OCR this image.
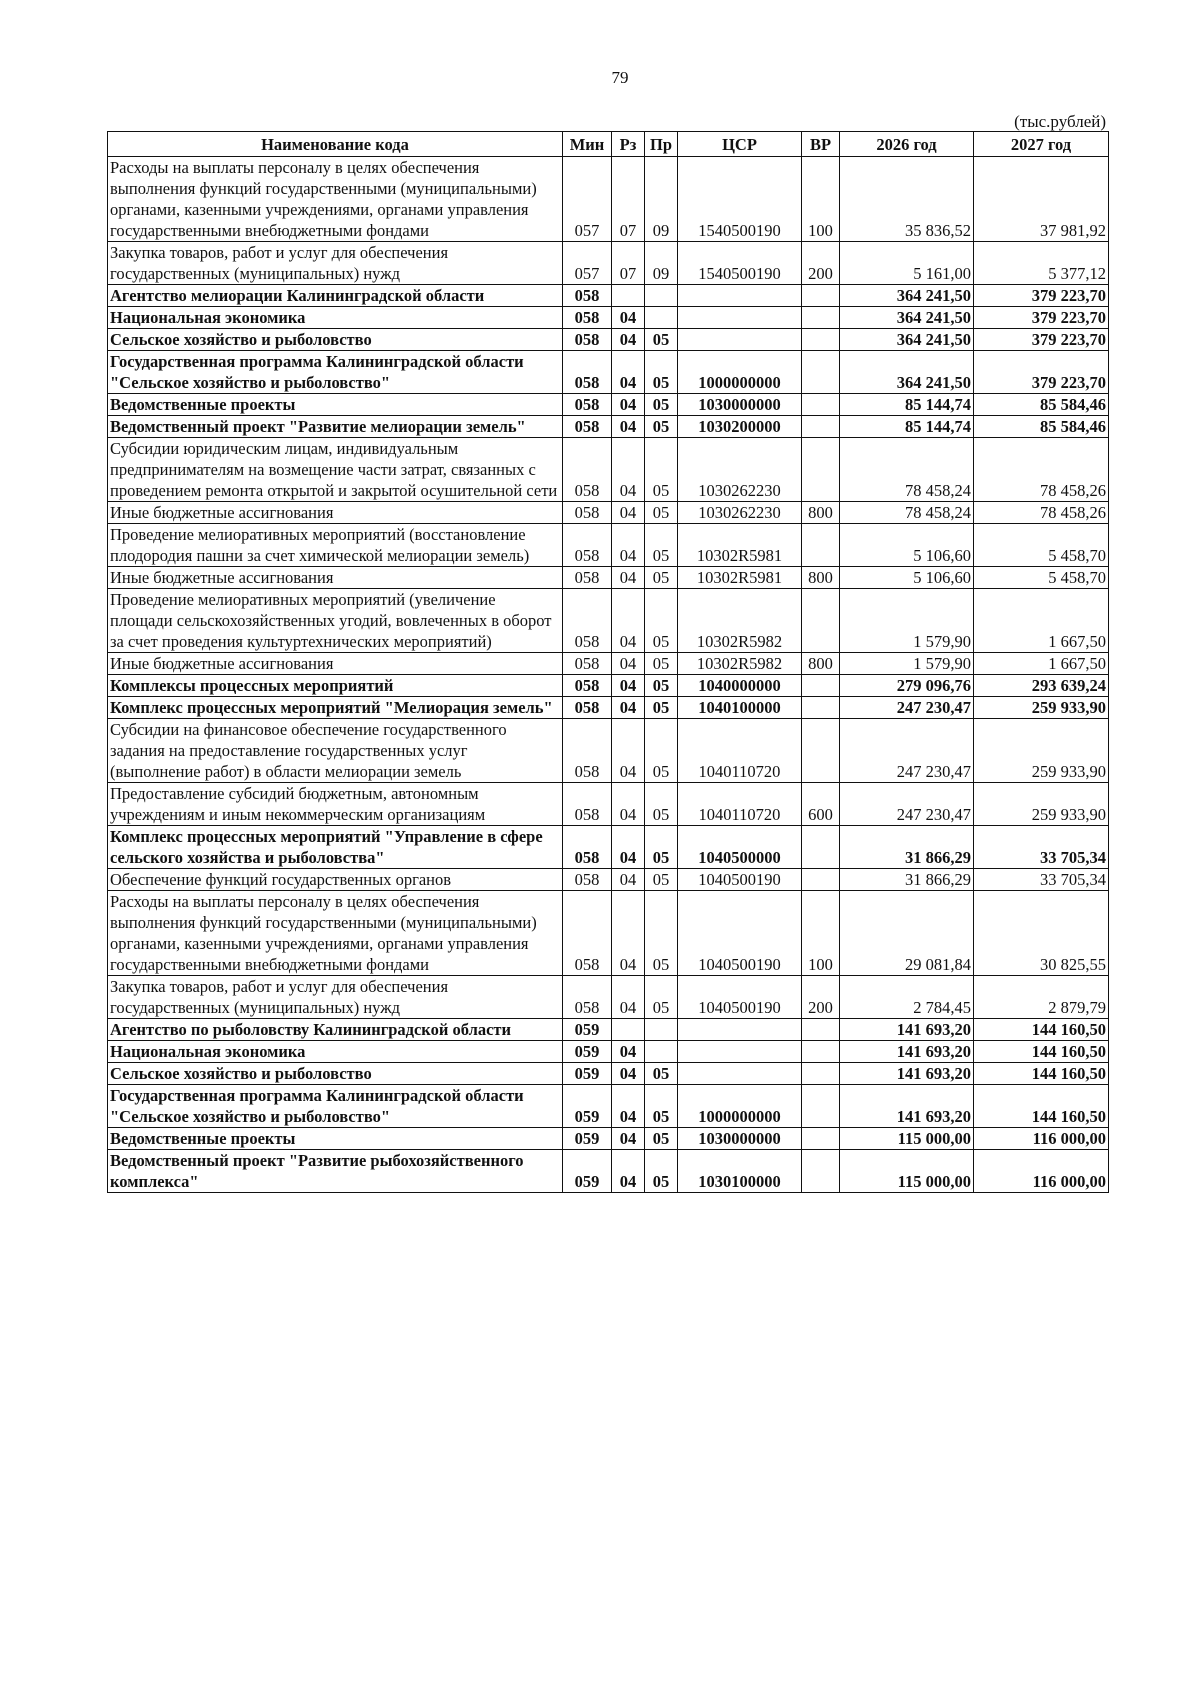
79
(тыс.рублей)
Наименование кода	Мин	Рз	Пр	ЦСР	ВР	2026 год	2027 год
Расходы на выплаты персоналу в целях обеспечения выполнения функций государственными (муниципальными) органами, казенными учреждениями, органами управления государственными внебюджетными фондами	057	07	09	1540500190	100	35 836,52	37 981,92
Закупка товаров, работ и услуг для обеспечения государственных (муниципальных) нужд	057	07	09	1540500190	200	5 161,00	5 377,12
Агентство мелиорации Калининградской области	058					364 241,50	379 223,70
Национальная экономика	058	04				364 241,50	379 223,70
Сельское хозяйство и рыболовство	058	04	05			364 241,50	379 223,70
Государственная программа Калининградской области "Сельское хозяйство и рыболовство"	058	04	05	1000000000		364 241,50	379 223,70
Ведомственные проекты	058	04	05	1030000000		85 144,74	85 584,46
Ведомственный проект "Развитие мелиорации земель"	058	04	05	1030200000		85 144,74	85 584,46
Субсидии юридическим лицам, индивидуальным предпринимателям на возмещение части затрат, связанных с проведением ремонта открытой и закрытой осушительной сети	058	04	05	1030262230		78 458,24	78 458,26
Иные бюджетные ассигнования	058	04	05	1030262230	800	78 458,24	78 458,26
Проведение мелиоративных мероприятий (восстановление плодородия пашни за счет химической мелиорации земель)	058	04	05	10302R5981		5 106,60	5 458,70
Иные бюджетные ассигнования	058	04	05	10302R5981	800	5 106,60	5 458,70
Проведение мелиоративных мероприятий (увеличение площади сельскохозяйственных угодий, вовлеченных в оборот за счет проведения культуртехнических мероприятий)	058	04	05	10302R5982		1 579,90	1 667,50
Иные бюджетные ассигнования	058	04	05	10302R5982	800	1 579,90	1 667,50
Комплексы процессных мероприятий	058	04	05	1040000000		279 096,76	293 639,24
Комплекс процессных мероприятий "Мелиорация земель"	058	04	05	1040100000		247 230,47	259 933,90
Субсидии на финансовое обеспечение государственного задания на предоставление государственных услуг (выполнение работ) в области мелиорации земель	058	04	05	1040110720		247 230,47	259 933,90
Предоставление субсидий бюджетным, автономным учреждениям и иным некоммерческим организациям	058	04	05	1040110720	600	247 230,47	259 933,90
Комплекс процессных мероприятий "Управление в сфере сельского хозяйства и рыболовства"	058	04	05	1040500000		31 866,29	33 705,34
Обеспечение функций государственных органов	058	04	05	1040500190		31 866,29	33 705,34
Расходы на выплаты персоналу в целях обеспечения выполнения функций государственными (муниципальными) органами, казенными учреждениями, органами управления государственными внебюджетными фондами	058	04	05	1040500190	100	29 081,84	30 825,55
Закупка товаров, работ и услуг для обеспечения государственных (муниципальных) нужд	058	04	05	1040500190	200	2 784,45	2 879,79
Агентство по рыболовству Калининградской области	059					141 693,20	144 160,50
Национальная экономика	059	04				141 693,20	144 160,50
Сельское хозяйство и рыболовство	059	04	05			141 693,20	144 160,50
Государственная программа Калининградской области "Сельское хозяйство и рыболовство"	059	04	05	1000000000		141 693,20	144 160,50
Ведомственные проекты	059	04	05	1030000000		115 000,00	116 000,00
Ведомственный проект "Развитие рыбохозяйственного комплекса"	059	04	05	1030100000		115 000,00	116 000,00
